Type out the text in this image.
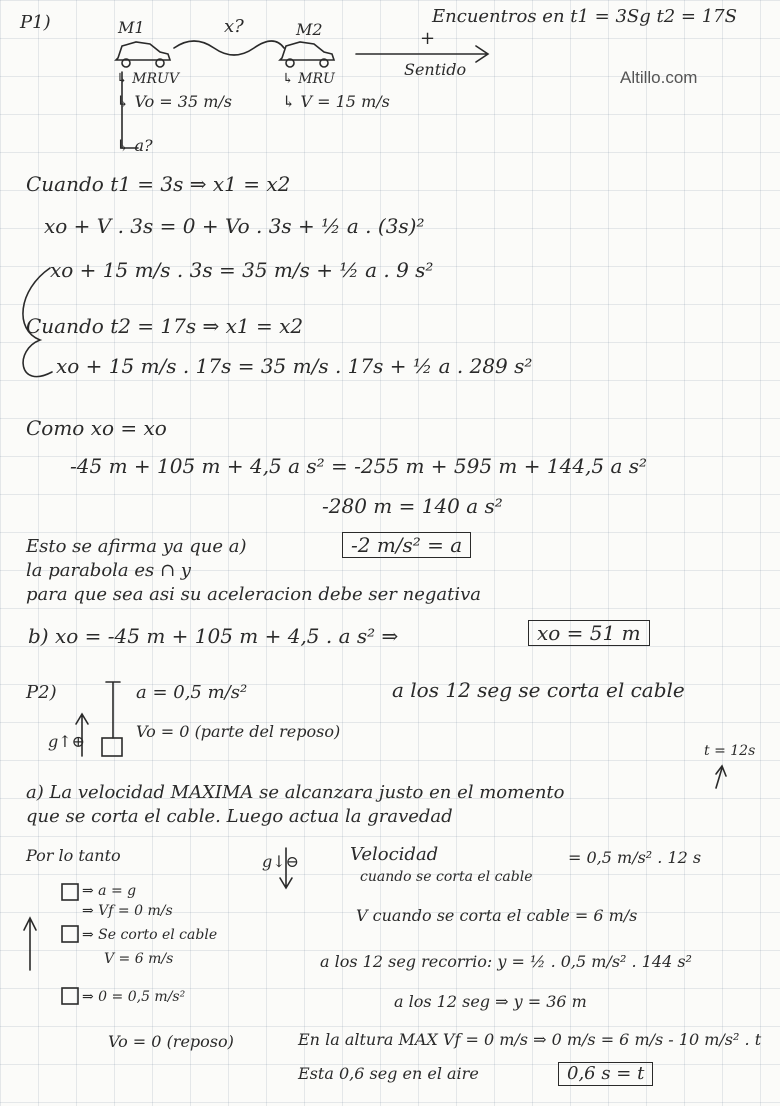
Altillo.com
P1)	M1	x?	M2	+
Sentido
Encuentros en t1 = 3Sg t2 = 17S
↳ MRUV
↳ Vo = 35 m/s
↳ a?
↳ MRU
↳ V = 15 m/s
Cuando t1 = 3s ⇒ x1 = x2
xo + V . 3s = 0 + Vo . 3s + ½ a . (3s)²
xo + 15 m/s . 3s = 35 m/s + ½ a . 9 s²
Cuando t2 = 17s ⇒ x1 = x2
xo + 15 m/s . 17s = 35 m/s . 17s + ½ a . 289 s²
Como xo = xo
-45 m + 105 m + 4,5 a s² = -255 m + 595 m + 144,5 a s²
-280 m = 140 a s²
Esto se afirma ya que a)	-2 m/s² = a
la parabola es ∩ y
para que sea asi su aceleracion debe ser negativa
b) xo = -45 m + 105 m + 4,5 . a s² ⇒	xo = 51 m
P2)	a = 0,5 m/s²
Vo = 0 (parte del reposo)
a los 12 seg se corta el cable
g↑⊕	t = 12s
a) La velocidad MAXIMA se alcanzara justo en el momento
que se corta el cable. Luego actua la gravedad
Por lo tanto
⇒ a = g
⇒ Vf = 0 m/s
⇒ Se corto el cable
V = 6 m/s
⇒ 0 = 0,5 m/s²
Vo = 0 (reposo)
g↓⊖	Velocidad
cuando se corta el cable
= 0,5 m/s² . 12 s
V cuando se corta el cable = 6 m/s
a los 12 seg recorrio: y = ½ . 0,5 m/s² . 144 s²
a los 12 seg ⇒ y = 36 m
En la altura MAX Vf = 0 m/s ⇒ 0 m/s = 6 m/s - 10 m/s² . t
Esta 0,6 seg en el aire	0,6 s = t
